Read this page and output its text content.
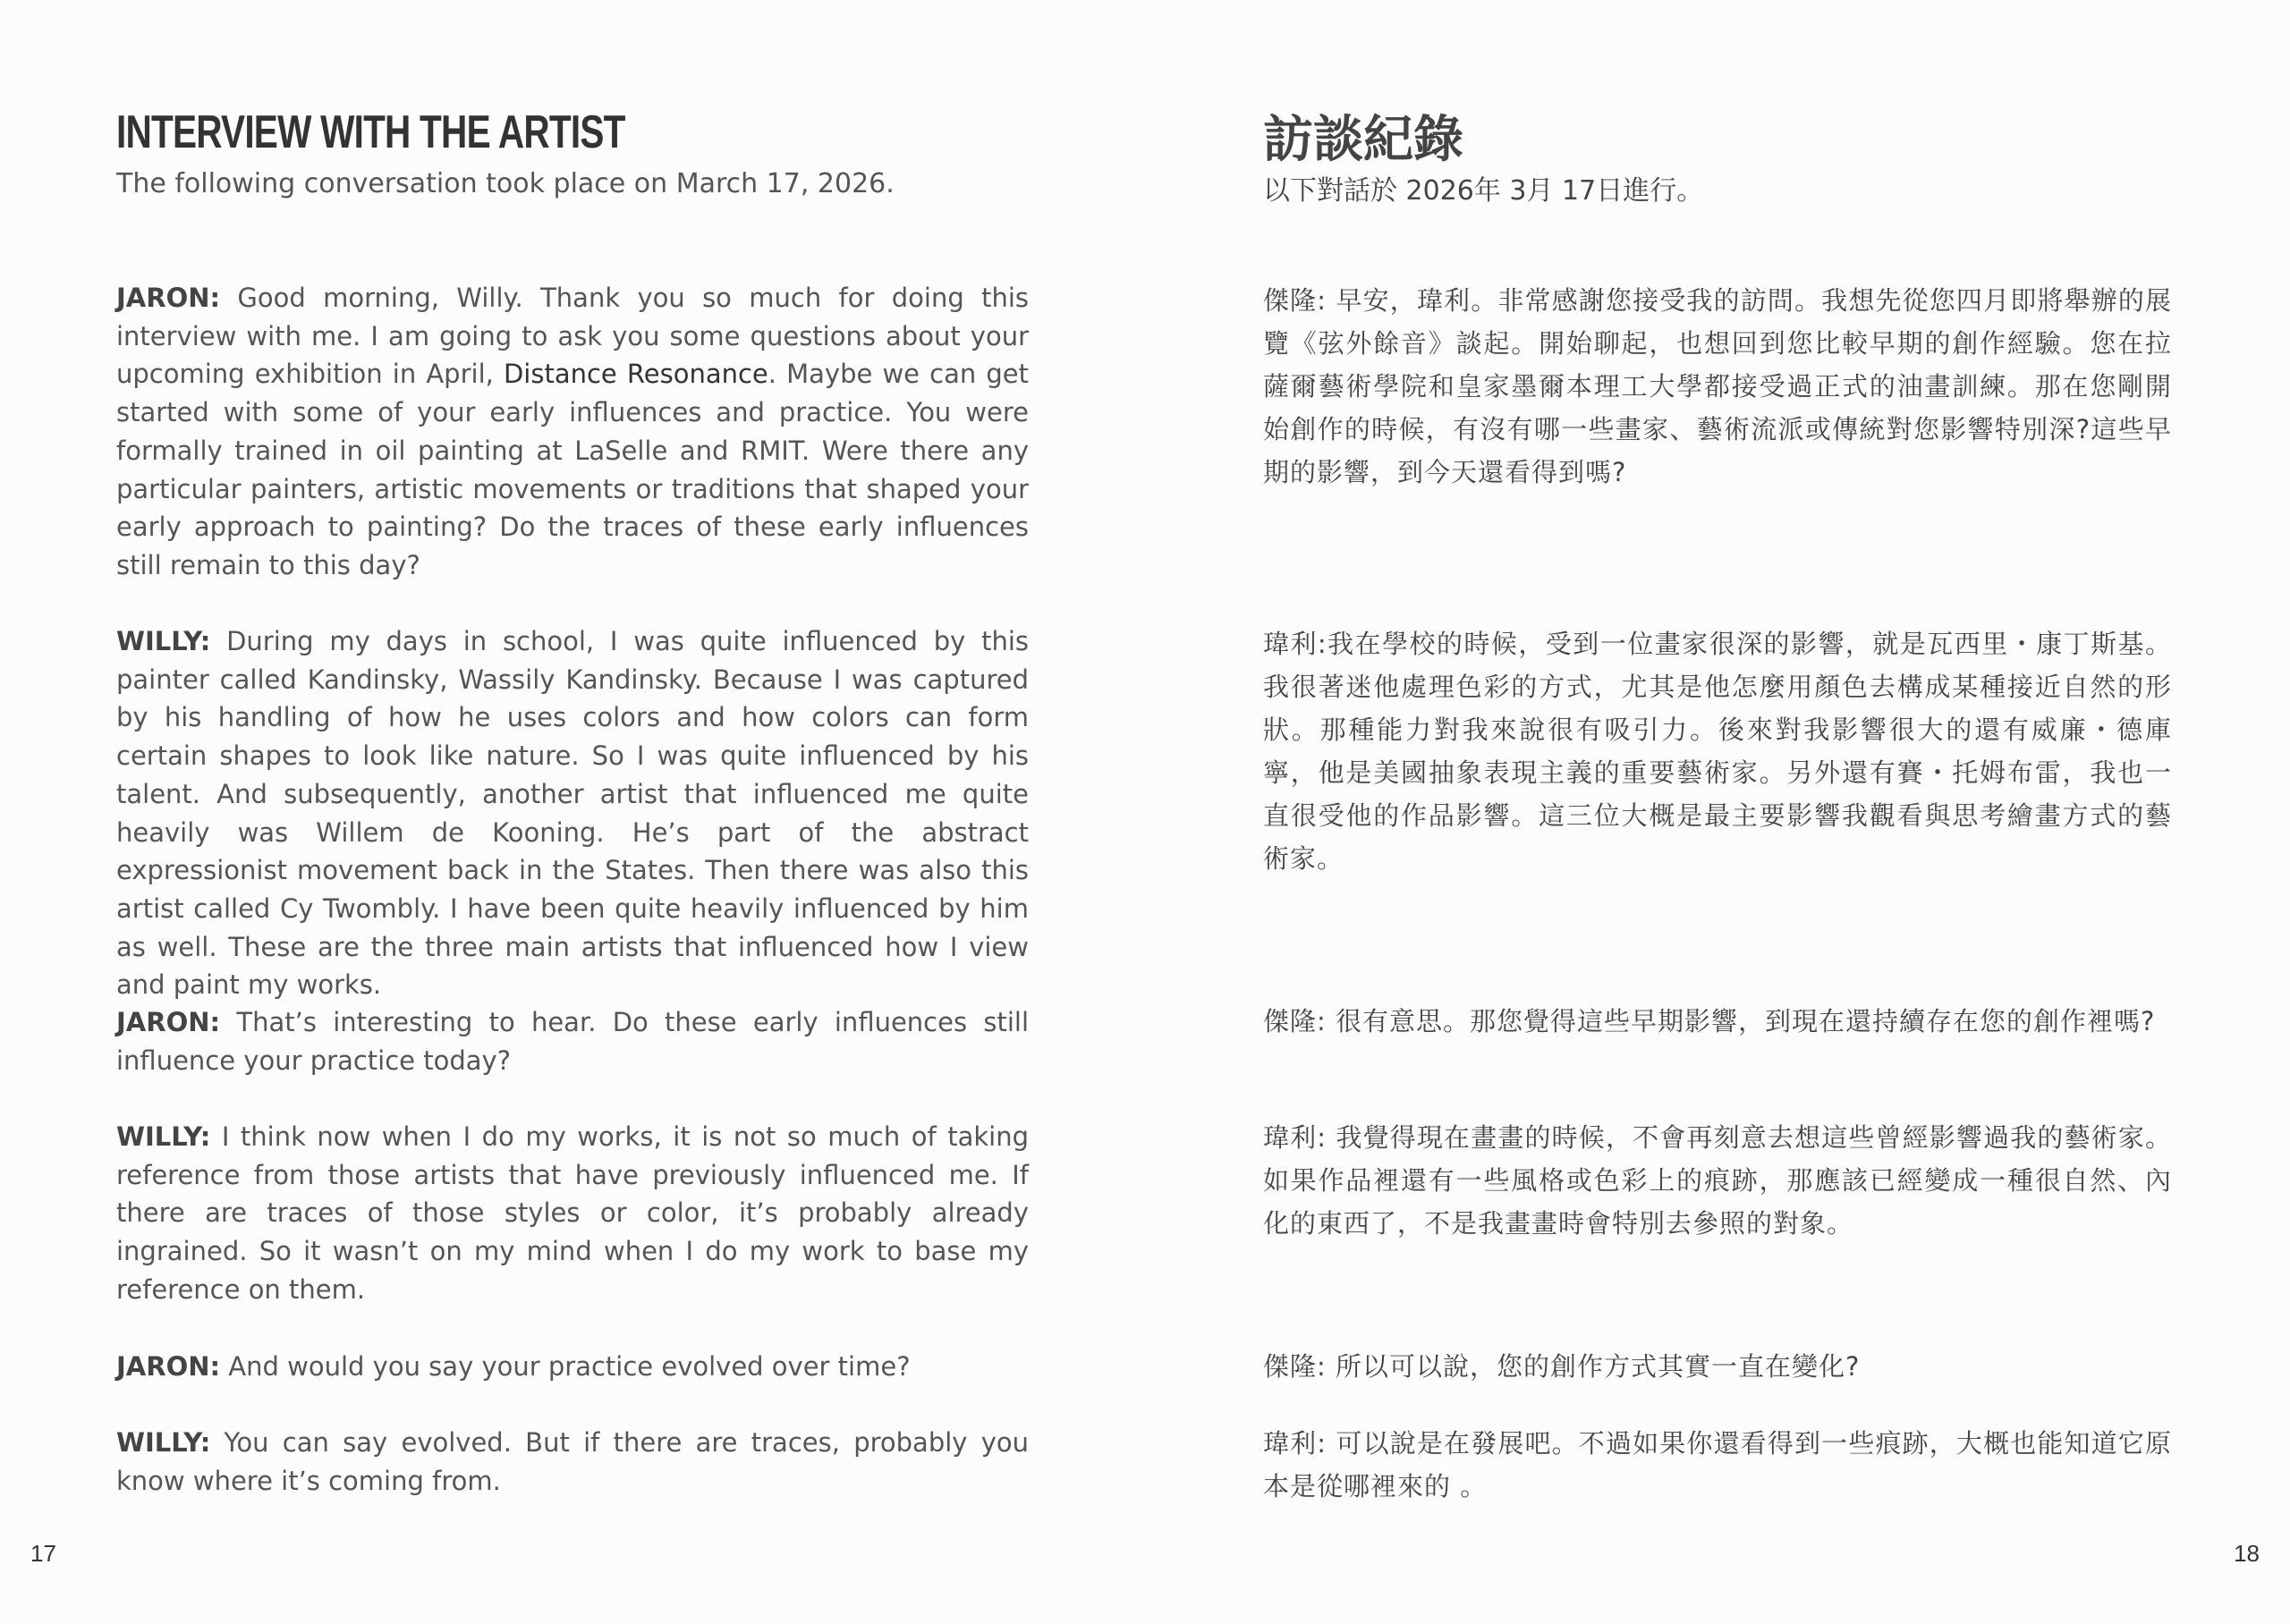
INTERVIEW WITH THE ARTIST

The following conversation took place on March 17, 2026.

JARON: Good morning, Willy. Thank you so much for doing this interview with me. I am going to ask you some questions about your upcoming exhibition in April, Distance Resonance. Maybe we can get started with some of your early influences and practice. You were formally trained in oil painting at LaSelle and RMIT. Were there any particular painters, artistic movements or traditions that shaped your early approach to painting? Do the traces of these early influences still remain to this day?

WILLY: During my days in school, I was quite influenced by this painter called Kandinsky, Wassily Kandinsky. Because I was captured by his handling of how he uses colors and how colors can form certain shapes to look like nature. So I was quite influenced by his talent. And subsequently, another artist that influenced me quite heavily was Willem de Kooning. He’s part of the abstract expressionist movement back in the States. Then there was also this artist called Cy Twombly. I have been quite heavily influenced by him as well. These are the three main artists that influenced how I view and paint my works.

JARON: That’s interesting to hear. Do these early influences still influence your practice today?

WILLY: I think now when I do my works, it is not so much of taking reference from those artists that have previously influenced me. If there are traces of those styles or color, it’s probably already ingrained. So it wasn’t on my mind when I do my work to base my reference on them.

JARON: And would you say your practice evolved over time?

WILLY: You can say evolved. But if there are traces, probably you know where it’s coming from.

17
訪談紀錄

以下對話於 2026年 3月 17日進行。

傑隆: 早安，瑋利。非常感謝您接受我的訪問。我想先從您四月即將舉辦的展覽《弦外餘音》談起。開始聊起，也想回到您比較早期的創作經驗。您在拉薩爾藝術學院和皇家墨爾本理工大學都接受過正式的油畫訓練。那在您剛開始創作的時候，有沒有哪一些畫家、藝術流派或傳統對您影響特別深?這些早期的影響，到今天還看得到嗎?

瑋利:我在學校的時候，受到一位畫家很深的影響，就是瓦西里・康丁斯基。我很著迷他處理色彩的方式，尤其是他怎麼用顏色去構成某種接近自然的形狀。那種能力對我來說很有吸引力。後來對我影響很大的還有威廉・德庫寧，他是美國抽象表現主義的重要藝術家。另外還有賽・托姆布雷，我也一直很受他的作品影響。這三位大概是最主要影響我觀看與思考繪畫方式的藝術家。

傑隆: 很有意思。那您覺得這些早期影響，到現在還持續存在您的創作裡嗎?

瑋利: 我覺得現在畫畫的時候，不會再刻意去想這些曾經影響過我的藝術家。如果作品裡還有一些風格或色彩上的痕跡，那應該已經變成一種很自然、內化的東西了，不是我畫畫時會特別去參照的對象。

傑隆: 所以可以說，您的創作方式其實一直在變化?

瑋利: 可以說是在發展吧。不過如果你還看得到一些痕跡，大概也能知道它原本是從哪裡來的 。

18
